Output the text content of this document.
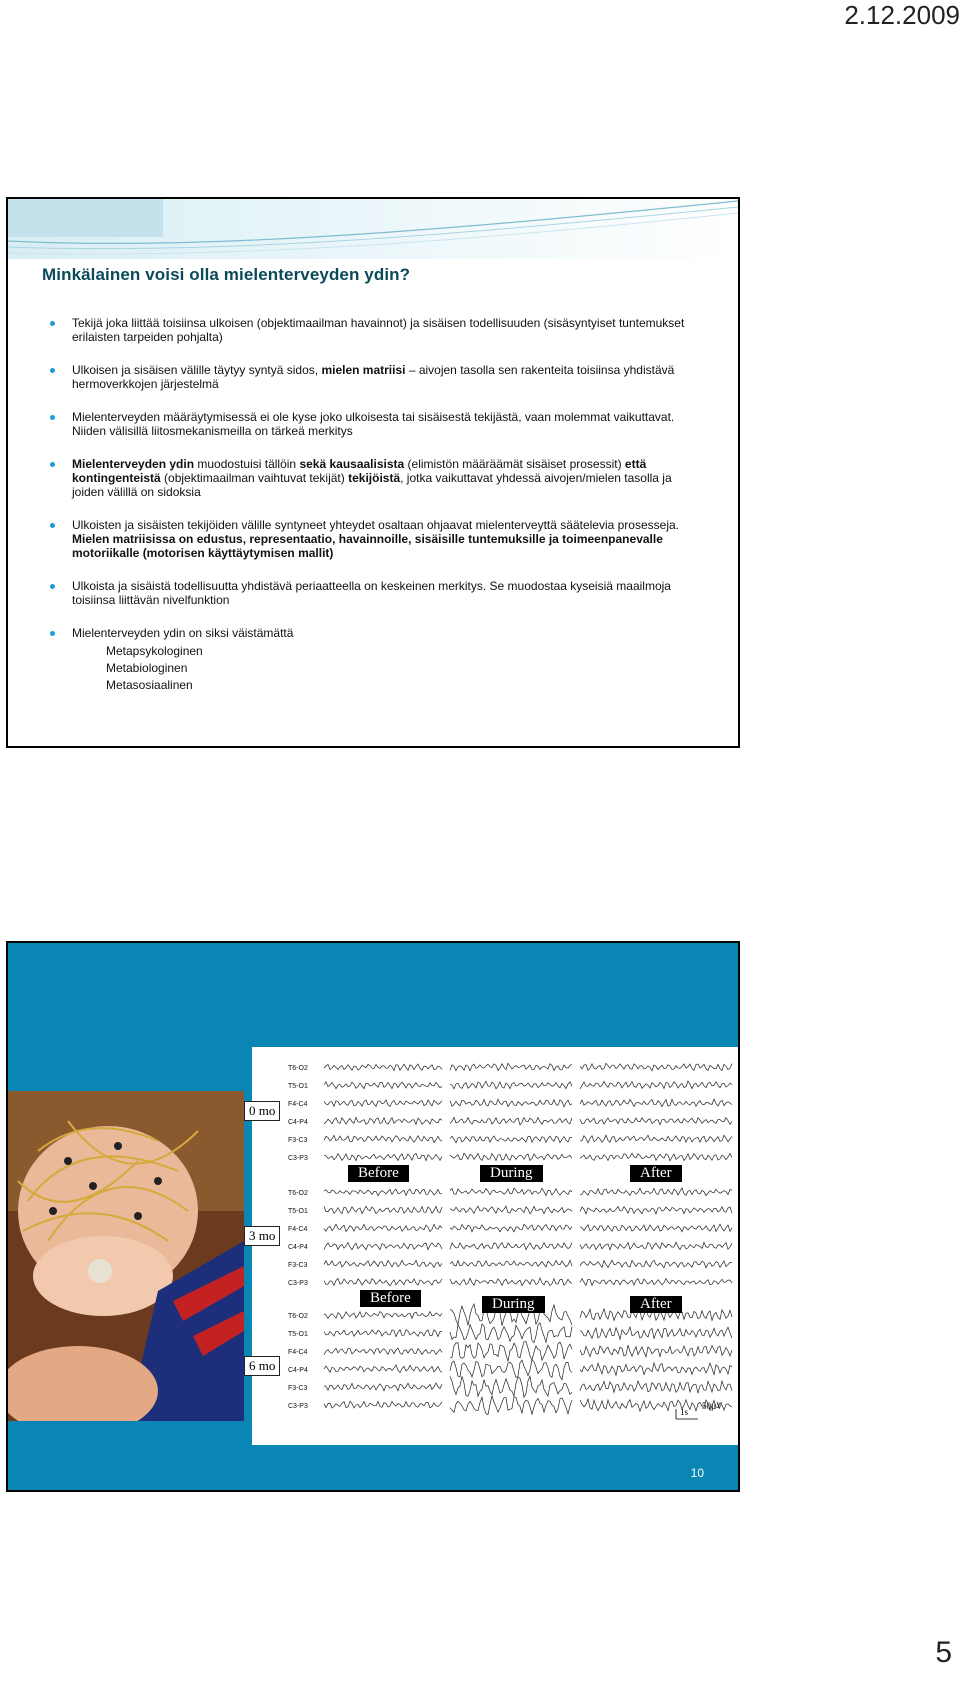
2.12.2009
Minkälainen voisi olla mielenterveyden ydin?
Tekijä joka liittää toisiinsa ulkoisen (objektimaailman havainnot) ja sisäisen todellisuuden (sisäsyntyiset tuntemukset erilaisten tarpeiden pohjalta)
Ulkoisen ja sisäisen välille täytyy syntyä sidos, mielen matriisi – aivojen tasolla sen rakenteita toisiinsa yhdistävä hermoverkkojen järjestelmä
Mielenterveyden määräytymisessä ei ole kyse joko ulkoisesta tai sisäisestä tekijästä, vaan molemmat vaikuttavat. Niiden välisillä liitosmekanismeilla on tärkeä merkitys
Mielenterveyden ydin muodostuisi tällöin sekä kausaalisista (elimistön määräämät sisäiset prosessit) että kontingenteistä (objektimaailman vaihtuvat tekijät) tekijöistä, jotka vaikuttavat yhdessä aivojen/mielen tasolla ja joiden välillä on sidoksia
Ulkoisten ja sisäisten tekijöiden välille syntyneet yhteydet osaltaan ohjaavat mielenterveyttä säätelevia prosesseja. Mielen matriisissa on edustus, representaatio, havainnoille, sisäisille tuntemuksille ja toimeenpanevalle motoriikalle (motorisen käyttäytymisen mallit)
Ulkoista ja sisäistä todellisuutta yhdistävä periaatteella on keskeinen merkitys. Se muodostaa kyseisiä maailmoja toisiinsa liittävän nivelfunktion
Mielenterveyden ydin on siksi väistämättä
Metapsykologinen
Metabiologinen
Metasosiaalinen
T6-O2
T5-O1
F4-C4
C4-P4
F3-C3
C3-P3
T6-O2
T5-O1
F4-C4
C4-P4
F3-C3
C3-P3
T6-O2
T5-O1
F4-C4
C4-P4
F3-C3
C3-P3
0 mo
3 mo
6 mo
Before	During	After
Before	During	After
1s
50µV
10
5
